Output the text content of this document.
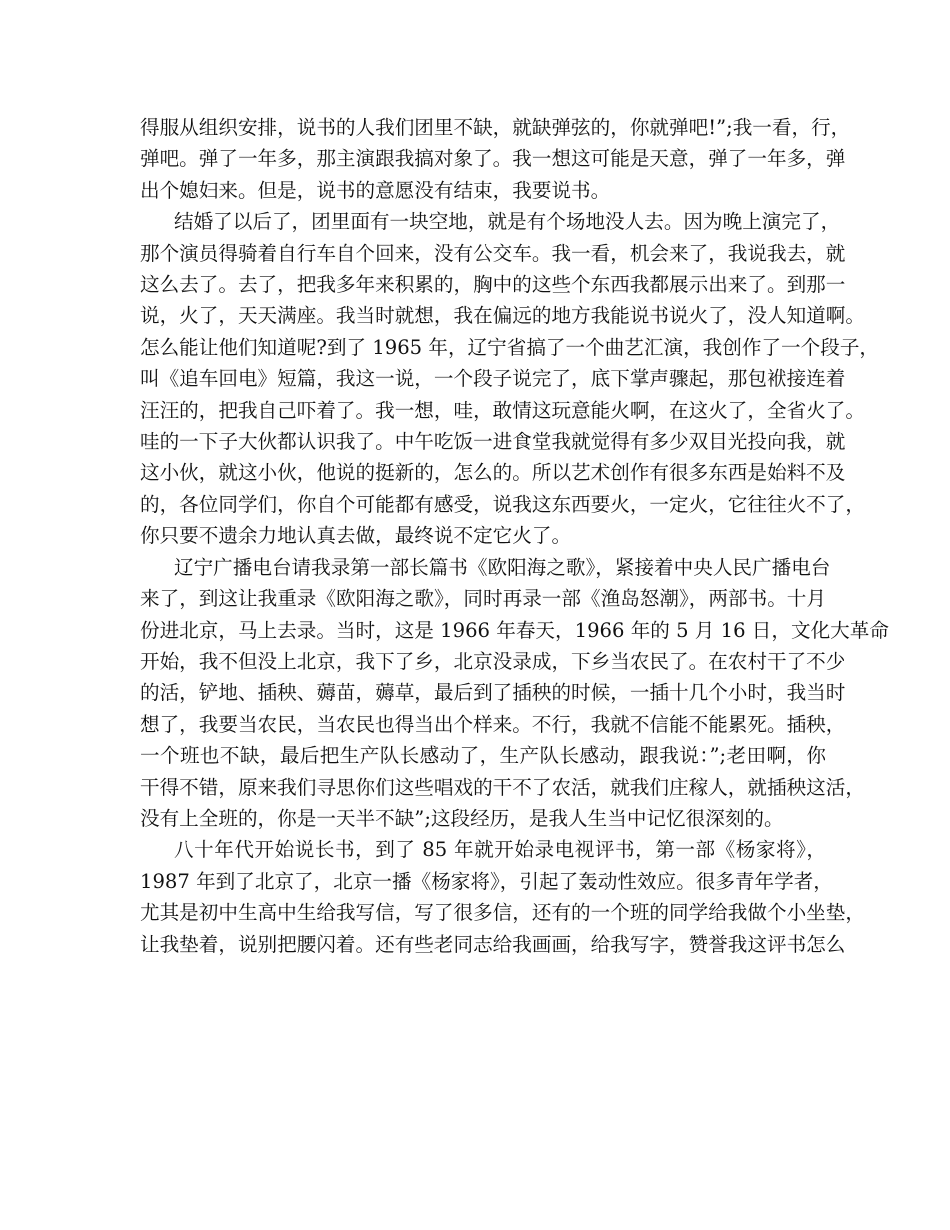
得服从组织安排，说书的人我们团里不缺，就缺弹弦的，你就弹吧!”;我一看，行，
弹吧。弹了一年多，那主演跟我搞对象了。我一想这可能是天意，弹了一年多，弹
出个媳妇来。但是，说书的意愿没有结束，我要说书。
结婚了以后了，团里面有一块空地，就是有个场地没人去。因为晚上演完了，
那个演员得骑着自行车自个回来，没有公交车。我一看，机会来了，我说我去，就
这么去了。去了，把我多年来积累的，胸中的这些个东西我都展示出来了。到那一
说，火了，天天满座。我当时就想，我在偏远的地方我能说书说火了，没人知道啊。
怎么能让他们知道呢?到了 1965 年，辽宁省搞了一个曲艺汇演，我创作了一个段子，
叫《追车回电》短篇，我这一说，一个段子说完了，底下掌声骤起，那包袱接连着
汪汪的，把我自己吓着了。我一想，哇，敢情这玩意能火啊，在这火了，全省火了。
哇的一下子大伙都认识我了。中午吃饭一进食堂我就觉得有多少双目光投向我，就
这小伙，就这小伙，他说的挺新的，怎么的。所以艺术创作有很多东西是始料不及
的，各位同学们，你自个可能都有感受，说我这东西要火，一定火，它往往火不了，
你只要不遗余力地认真去做，最终说不定它火了。
辽宁广播电台请我录第一部长篇书《欧阳海之歌》，紧接着中央人民广播电台
来了，到这让我重录《欧阳海之歌》，同时再录一部《渔岛怒潮》，两部书。十月
份进北京，马上去录。当时，这是 1966 年春天，1966 年的 5 月 16 日，文化大革命
开始，我不但没上北京，我下了乡，北京没录成，下乡当农民了。在农村干了不少
的活，铲地、插秧、薅苗，薅草，最后到了插秧的时候，一插十几个小时，我当时
想了，我要当农民，当农民也得当出个样来。不行，我就不信能不能累死。插秧，
一个班也不缺，最后把生产队长感动了，生产队长感动，跟我说：”;老田啊，你
干得不错，原来我们寻思你们这些唱戏的干不了农活，就我们庄稼人，就插秧这活，
没有上全班的，你是一天半不缺”;这段经历，是我人生当中记忆很深刻的。
八十年代开始说长书，到了 85 年就开始录电视评书，第一部《杨家将》，
1987 年到了北京了，北京一播《杨家将》，引起了轰动性效应。很多青年学者，
尤其是初中生高中生给我写信，写了很多信，还有的一个班的同学给我做个小坐垫，
让我垫着，说别把腰闪着。还有些老同志给我画画，给我写字，赞誉我这评书怎么
